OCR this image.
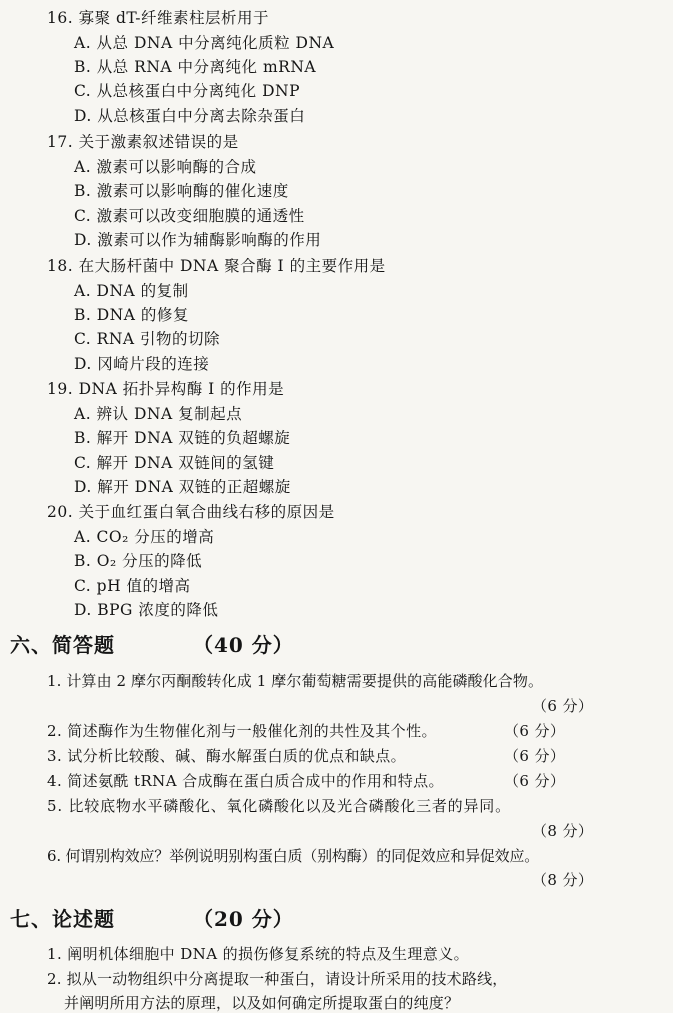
16. 寡聚 dT-纤维素柱层析用于
A. 从总 DNA 中分离纯化质粒 DNA
B. 从总 RNA 中分离纯化 mRNA
C. 从总核蛋白中分离纯化 DNP
D. 从总核蛋白中分离去除杂蛋白
17. 关于激素叙述错误的是
A. 激素可以影响酶的合成
B. 激素可以影响酶的催化速度
C. 激素可以改变细胞膜的通透性
D. 激素可以作为辅酶影响酶的作用
18. 在大肠杆菌中 DNA 聚合酶 I 的主要作用是
A. DNA 的复制
B. DNA 的修复
C. RNA 引物的切除
D. 冈崎片段的连接
19. DNA 拓扑异构酶 I 的作用是
A. 辨认 DNA 复制起点
B. 解开 DNA 双链的负超螺旋
C. 解开 DNA 双链间的氢键
D. 解开 DNA 双链的正超螺旋
20. 关于血红蛋白氧合曲线右移的原因是
A. CO₂ 分压的增高
B. O₂ 分压的降低
C. pH 值的增高
D. BPG 浓度的降低
六、简答题	（40 分）
1. 计算由 2 摩尔丙酮酸转化成 1 摩尔葡萄糖需要提供的高能磷酸化合物。
（6 分）
2. 简述酶作为生物催化剂与一般催化剂的共性及其个性。	（6 分）
3. 试分析比较酸、碱、酶水解蛋白质的优点和缺点。	（6 分）
4. 简述氨酰 tRNA 合成酶在蛋白质合成中的作用和特点。	（6 分）
5. 比较底物水平磷酸化、氧化磷酸化以及光合磷酸化三者的异同。
（8 分）
6. 何谓别构效应？举例说明别构蛋白质（别构酶）的同促效应和异促效应。
（8 分）
七、论述题	（20 分）
1. 阐明机体细胞中 DNA 的损伤修复系统的特点及生理意义。
2. 拟从一动物组织中分离提取一种蛋白，请设计所采用的技术路线，
并阐明所用方法的原理，以及如何确定所提取蛋白的纯度？
